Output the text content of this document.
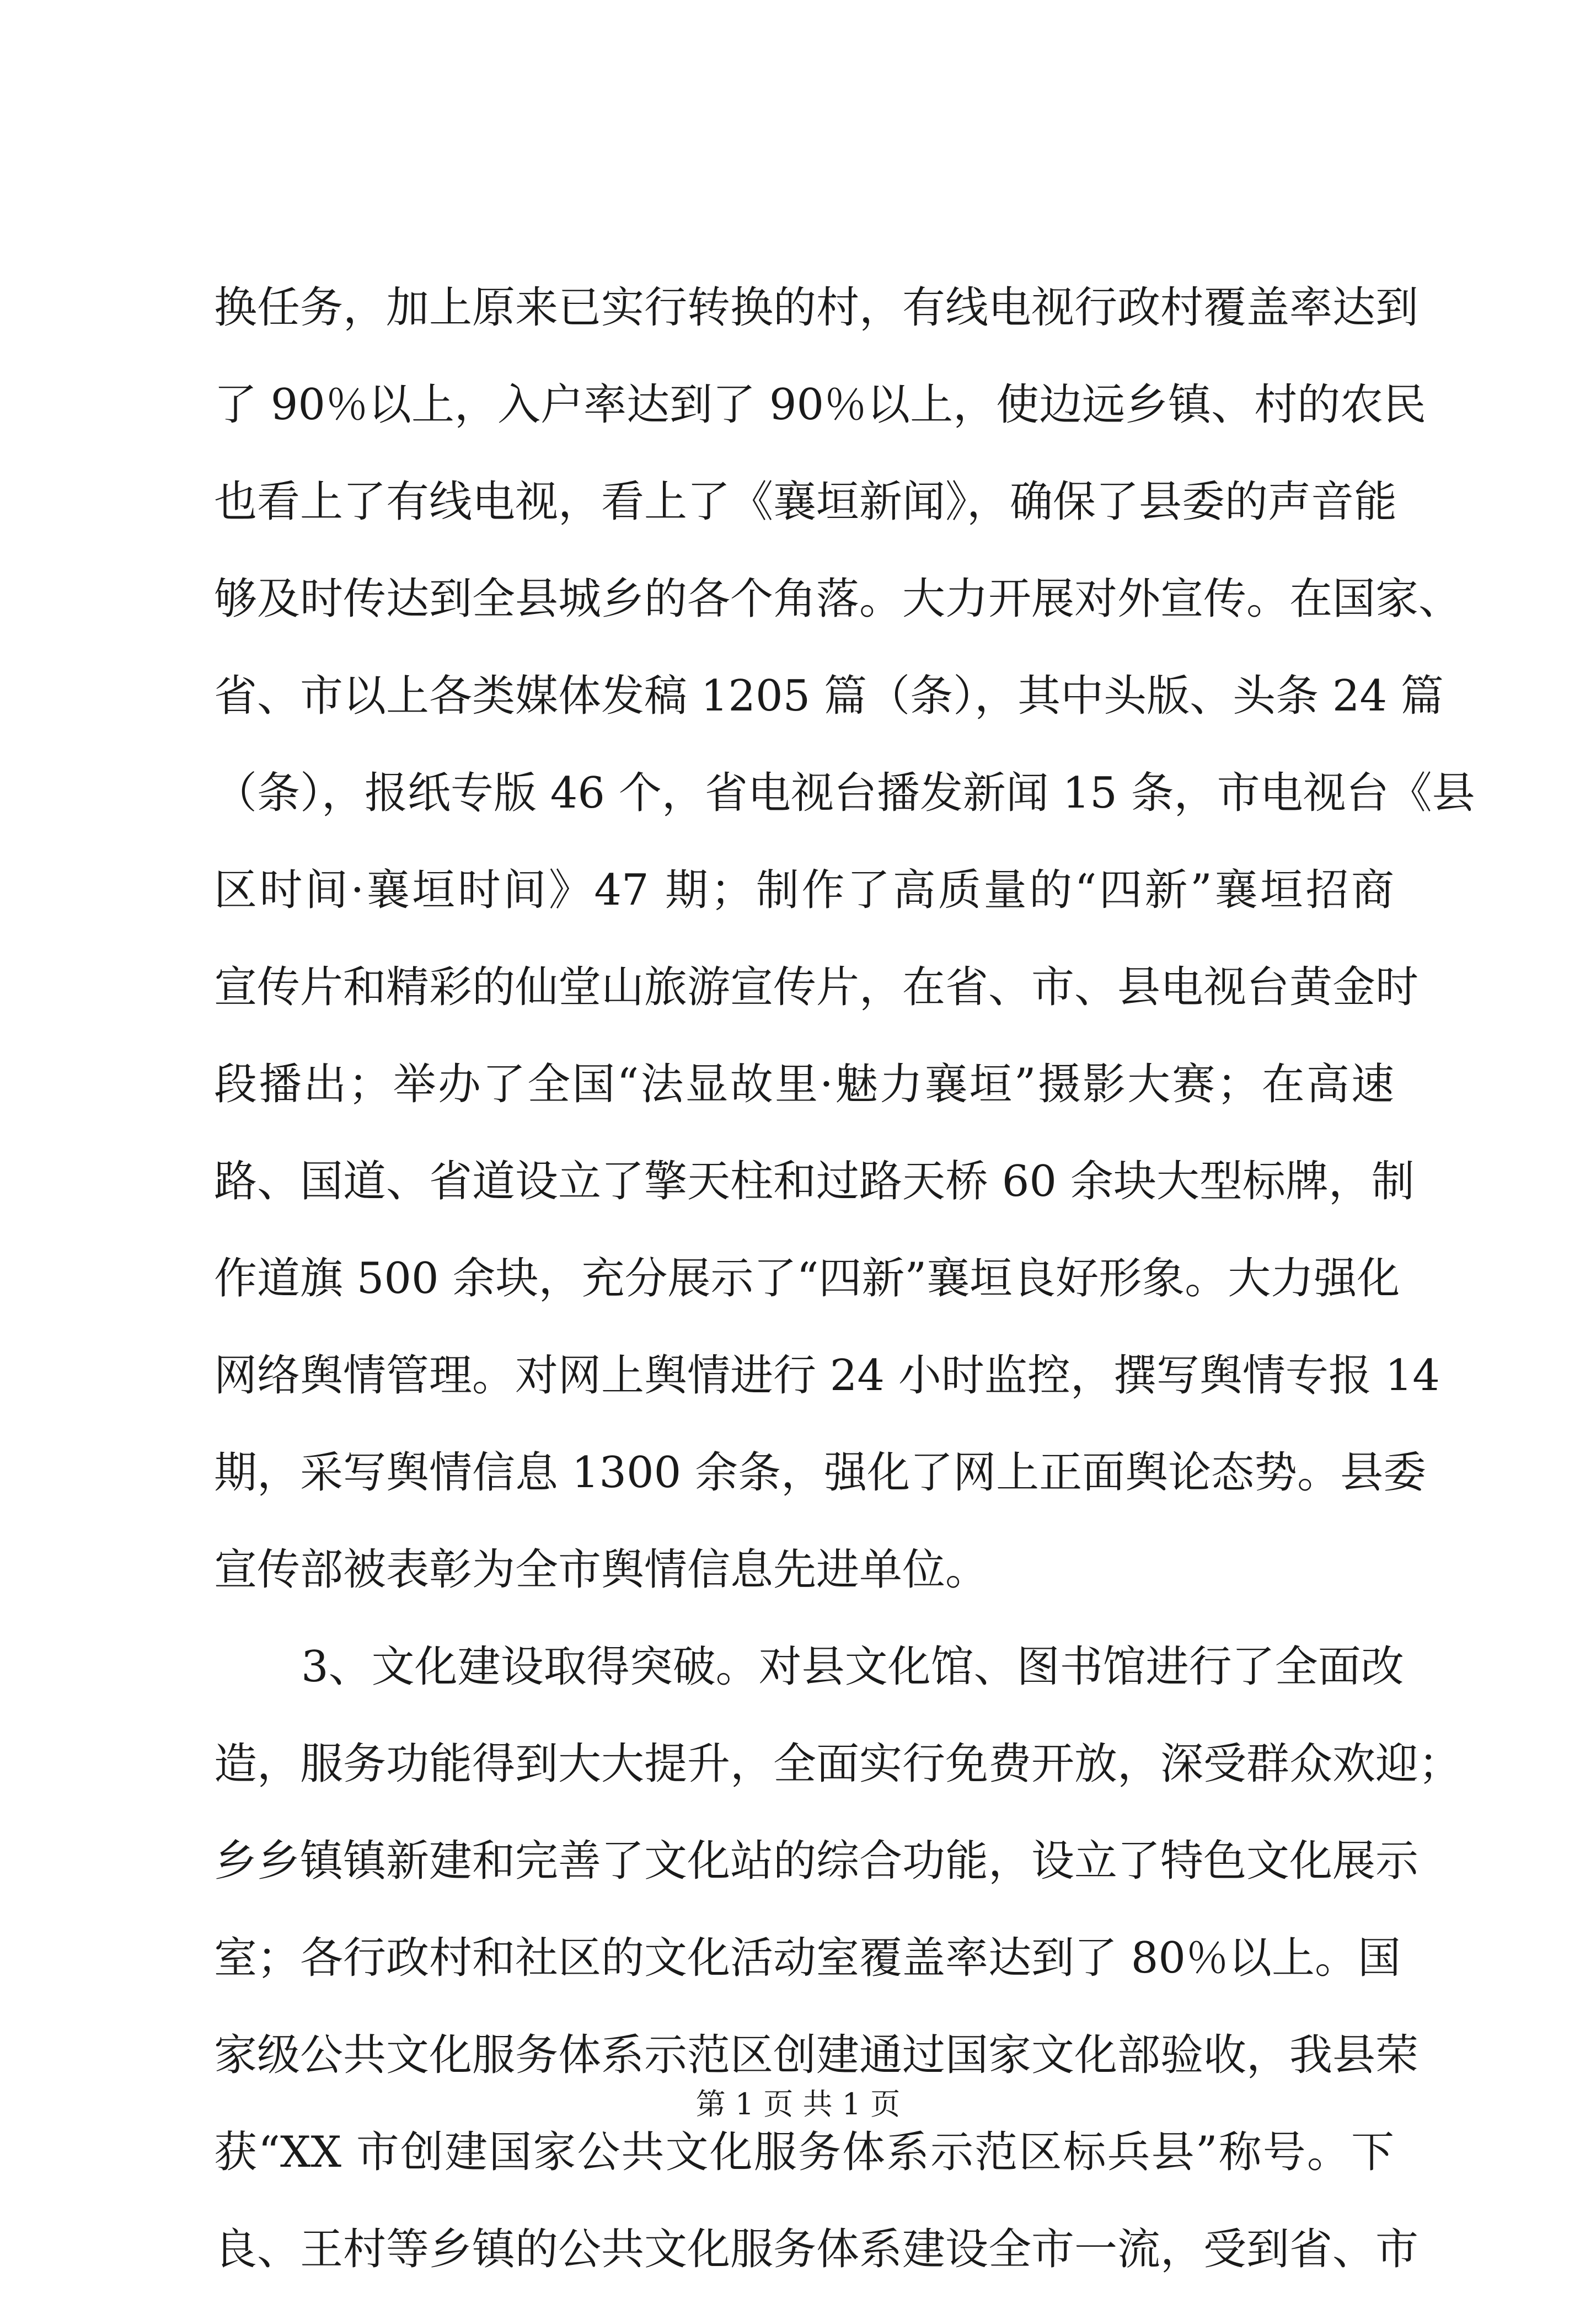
换任务，加上原来已实行转换的村，有线电视行政村覆盖率达到
了 90％以上，入户率达到了 90％以上，使边远乡镇、村的农民
也看上了有线电视，看上了《襄垣新闻》，确保了县委的声音能
够及时传达到全县城乡的各个角落。大力开展对外宣传。在国家、
省、市以上各类媒体发稿 1205 篇（条），其中头版、头条 24 篇
（条），报纸专版 46 个，省电视台播发新闻 15 条，市电视台《县
区时间·襄垣时间》47 期；制作了高质量的“四新”襄垣招商
宣传片和精彩的仙堂山旅游宣传片，在省、市、县电视台黄金时
段播出；举办了全国“法显故里·魅力襄垣”摄影大赛；在高速
路、国道、省道设立了擎天柱和过路天桥 60 余块大型标牌，制
作道旗 500 余块，充分展示了“四新”襄垣良好形象。大力强化
网络舆情管理。对网上舆情进行 24 小时监控，撰写舆情专报 14
期，采写舆情信息 1300 余条，强化了网上正面舆论态势。县委
宣传部被表彰为全市舆情信息先进单位。
3、文化建设取得突破。对县文化馆、图书馆进行了全面改
造，服务功能得到大大提升，全面实行免费开放，深受群众欢迎；
乡乡镇镇新建和完善了文化站的综合功能，设立了特色文化展示
室；各行政村和社区的文化活动室覆盖率达到了 80％以上。国
家级公共文化服务体系示范区创建通过国家文化部验收，我县荣
获“XX 市创建国家公共文化服务体系示范区标兵县”称号。下
良、王村等乡镇的公共文化服务体系建设全市一流，受到省、市
第 1 页 共 1 页
